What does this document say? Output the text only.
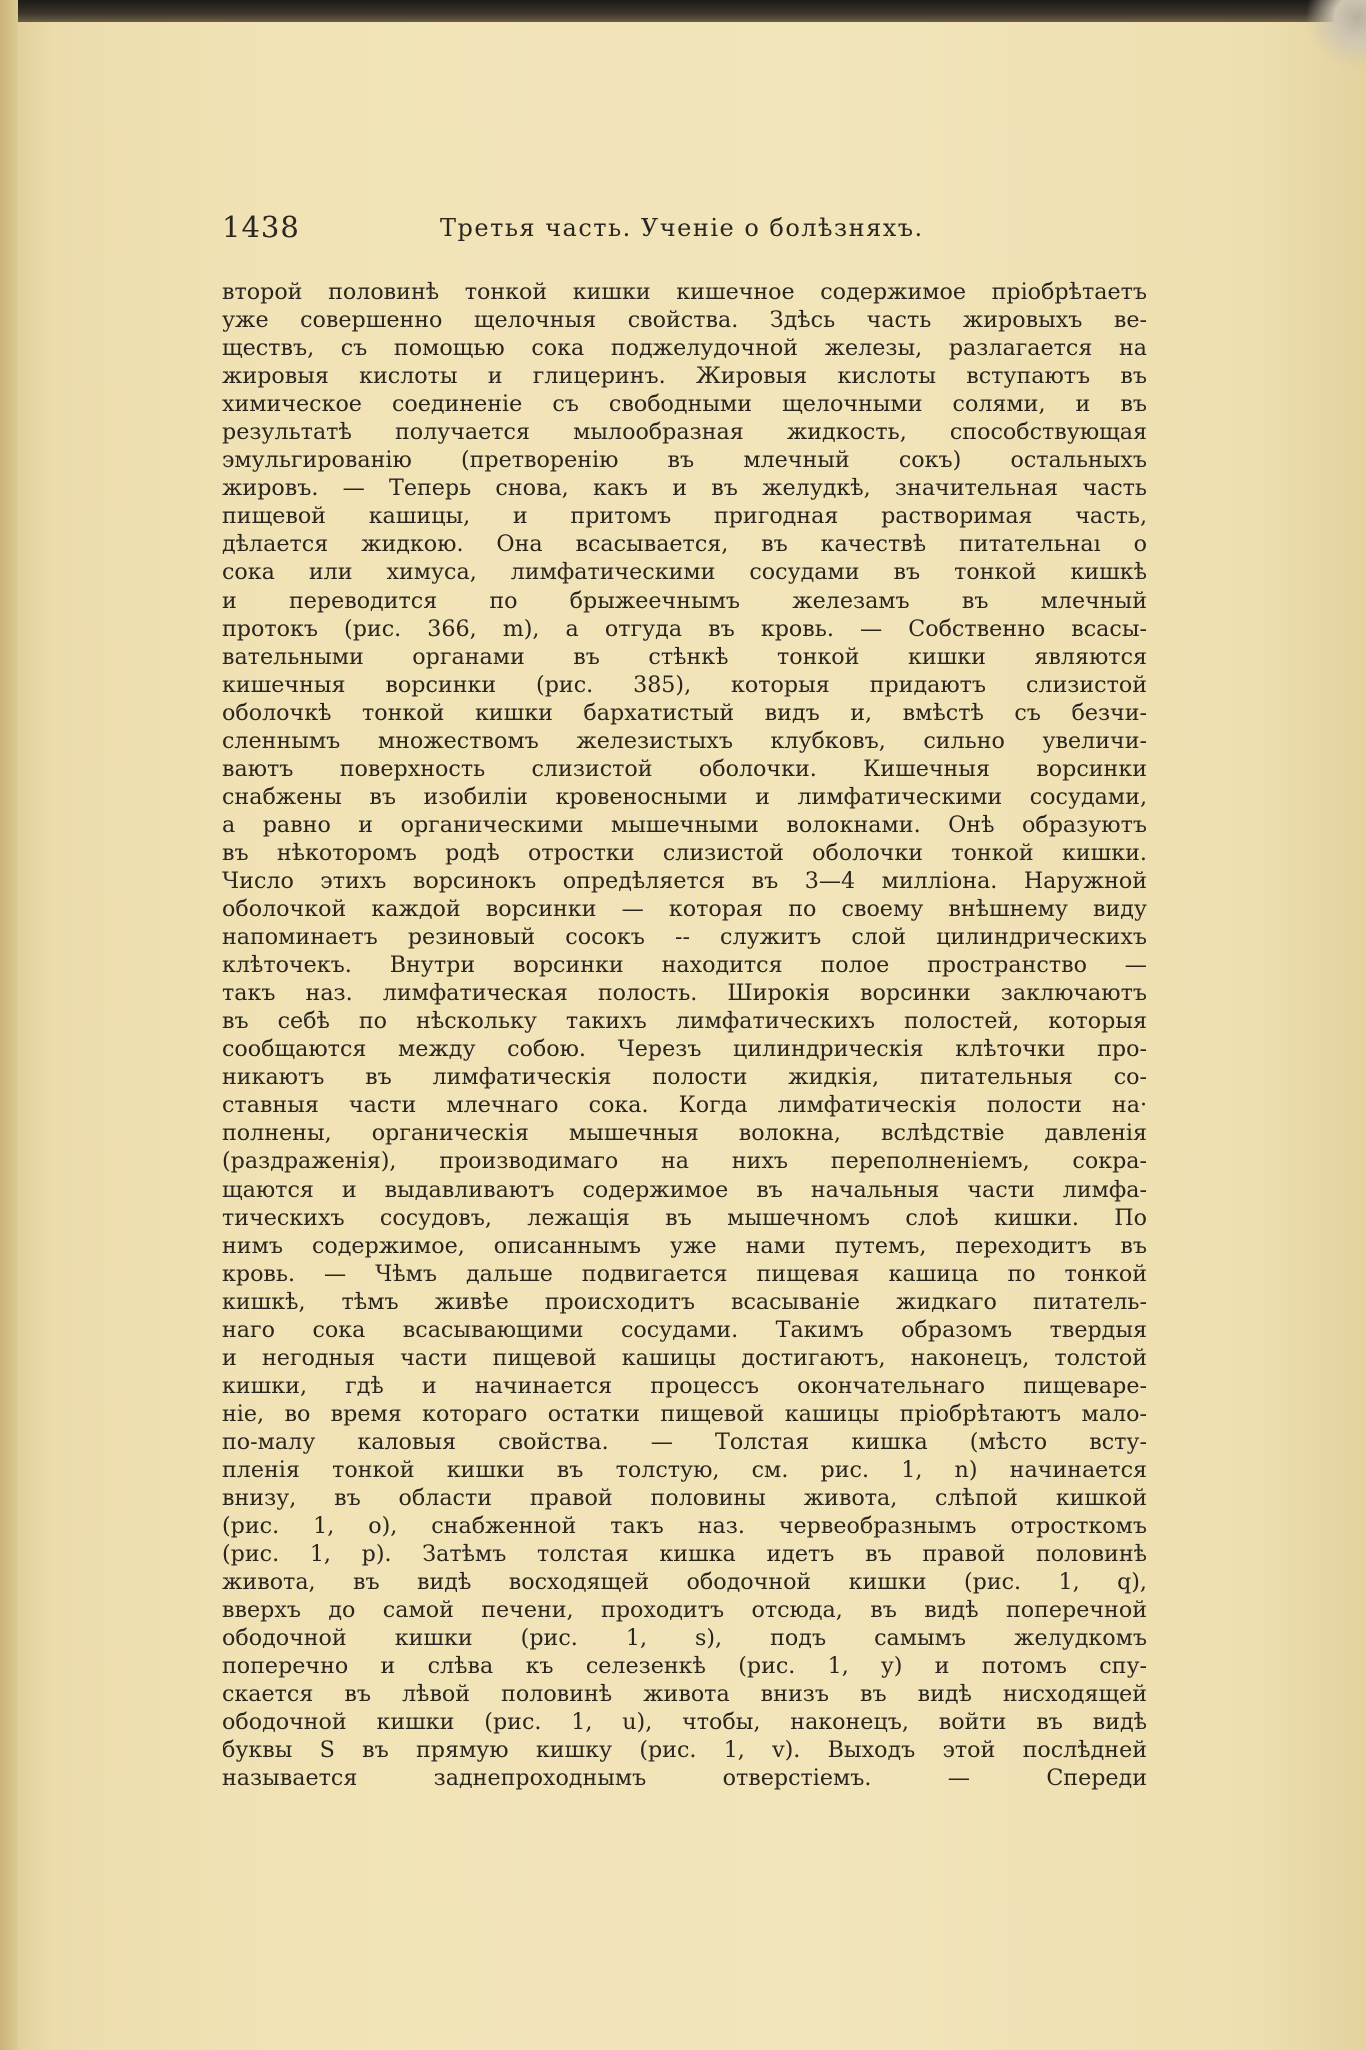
1438	Третья часть. Ученіе о болѣзняхъ.
второй половинѣ тонкой кишки кишечное содержимое пріобрѣтаетъ
уже совершенно щелочныя свойства. Здѣсь часть жировыхъ ве-
ществъ, съ помощью сока поджелудочной железы, разлагается на
жировыя кислоты и глицеринъ. Жировыя кислоты вступаютъ въ
химическое соединеніе съ свободными щелочными солями, и въ
результатѣ получается мылообразная жидкость, способствующая
эмульгированію (претворенію въ млечный сокъ) остальныхъ
жировъ. — Теперь снова, какъ и въ желудкѣ, значительная часть
пищевой кашицы, и притомъ пригодная растворимая часть,
дѣлается жидкою. Она всасывается, въ качествѣ питательнаı о
сока или химуса, лимфатическими сосудами въ тонкой кишкѣ
и переводится по брыжеечнымъ железамъ въ млечный
протокъ (рис. 366, m), а отгуда въ кровь. — Собственно всасы-
вательными органами въ стѣнкѣ тонкой кишки являются
кишечныя ворсинки (рис. 385), которыя придаютъ слизистой
оболочкѣ тонкой кишки бархатистый видъ и, вмѣстѣ съ безчи-
сленнымъ множествомъ железистыхъ клубковъ, сильно увеличи-
ваютъ поверхность слизистой оболочки. Кишечныя ворсинки
снабжены въ изобиліи кровеносными и лимфатическими сосудами,
а равно и органическими мышечными волокнами. Онѣ образуютъ
въ нѣкоторомъ родѣ отростки слизистой оболочки тонкой кишки.
Число этихъ ворсинокъ опредѣляется въ 3—4 милліона. Наружной
оболочкой каждой ворсинки — которая по своему внѣшнему виду
напоминаетъ резиновый сосокъ -- служитъ слой цилиндрическихъ
клѣточекъ. Внутри ворсинки находится полое пространство —
такъ наз. лимфатическая полость. Широкія ворсинки заключаютъ
въ себѣ по нѣскольку такихъ лимфатическихъ полостей, которыя
сообщаются между собою. Черезъ цилиндрическія клѣточки про-
никаютъ въ лимфатическія полости жидкія, питательныя со-
ставныя части млечнаго сока. Когда лимфатическія полости на·
полнены, органическія мышечныя волокна, вслѣдствіе давленія
(раздраженія), производимаго на нихъ переполненіемъ, сокра-
щаются и выдавливаютъ содержимое въ начальныя части лимфа-
тическихъ сосудовъ, лежащія въ мышечномъ слоѣ кишки. По
нимъ содержимое, описаннымъ уже нами путемъ, переходитъ въ
кровь. — Чѣмъ дальше подвигается пищевая кашица по тонкой
кишкѣ, тѣмъ живѣе происходитъ всасываніе жидкаго питатель-
наго сока всасывающими сосудами. Такимъ образомъ твердыя
и негодныя части пищевой кашицы достигаютъ, наконецъ, толстой
кишки, гдѣ и начинается процессъ окончательнаго пищеваре-
ніе, во время котораго остатки пищевой кашицы пріобрѣтаютъ мало-
по-малу каловыя свойства. — Толстая кишка (мѣсто всту-
пленія тонкой кишки въ толстую, см. рис. 1, n) начинается
внизу, въ области правой половины живота, слѣпой кишкой
(рис. 1, o), снабженной такъ наз. червеобразнымъ отросткомъ
(рис. 1, p). Затѣмъ толстая кишка идетъ въ правой половинѣ
живота, въ видѣ восходящей ободочной кишки (рис. 1, q),
вверхъ до самой печени, проходитъ отсюда, въ видѣ поперечной
ободочной кишки (рис. 1, s), подъ самымъ желудкомъ
поперечно и слѣва къ селезенкѣ (рис. 1, y) и потомъ спу-
скается въ лѣвой половинѣ живота внизъ въ видѣ нисходящей
ободочной кишки (рис. 1, u), чтобы, наконецъ, войти въ видѣ
буквы S въ прямую кишку (рис. 1, v). Выходъ этой послѣдней
называется заднепроходнымъ отверстіемъ. — Спереди
